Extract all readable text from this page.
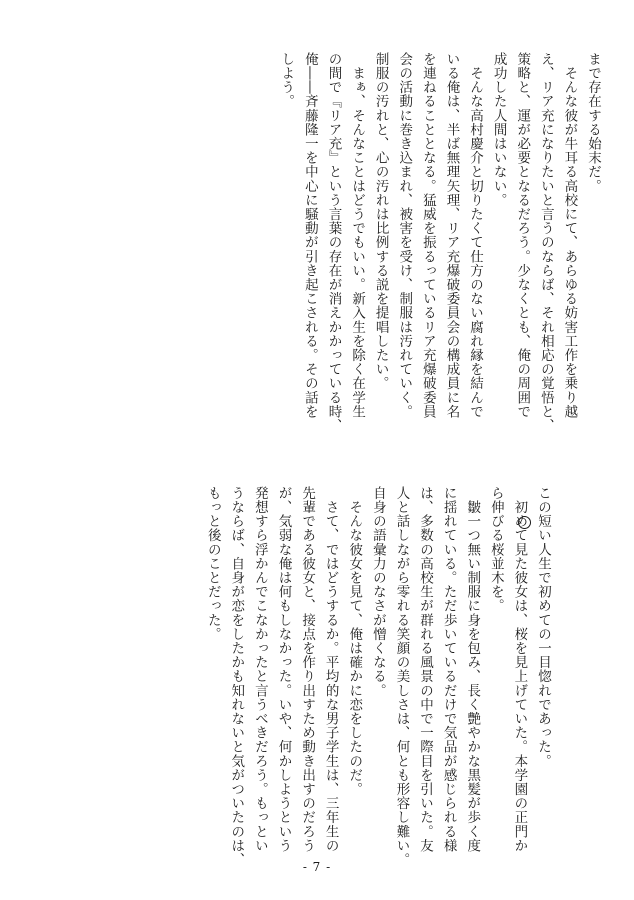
まで存在する始末だ。

　そんな彼が牛耳る高校にて、あらゆる妨害工作を乗り越

え、リア充になりたいと言うのならば、それ相応の覚悟と、

策略と、運が必要となるだろう。少なくとも、俺の周囲で

成功した人間はいない。

　そんな高村慶介と切りたくて仕方のない腐れ縁を結んで

いる俺は、半ば無理矢理、リア充爆破委員会の構成員に名

を連ねることとなる。猛威を振るっているリア充爆破委員

会の活動に巻き込まれ、被害を受け、制服は汚れていく。

制服の汚れと、心の汚れは比例する説を提唱したい。

　まぁ、そんなことはどうでもいい。新入生を除く在学生

の間で『リア充』という言葉の存在が消えかかっている時、

俺――斉藤隆一を中心に騒動が引き起こされる。その話を

しよう。

この短い人生で初めての一目惚れであった。

　初めて見た彼女は、桜を見上げていた。本学園の正門か

ら伸びる桜並木を。

　皺一つ無い制服に身を包み、長く艶やかな黒髪が歩く度

に揺れている。ただ歩いているだけで気品が感じられる様

は、多数の高校生が群れる風景の中で一際目を引いた。友

人と話しながら零れる笑顔の美しさは、何とも形容し難い。

自身の語彙力のなさが憎くなる。

　そんな彼女を見て、俺は確かに恋をしたのだ。

　さて、ではどうするか。平均的な男子学生は、三年生の

先輩である彼女と、接点を作り出すため動き出すのだろう

が、気弱な俺は何もしなかった。いや、何かしようという

発想すら浮かんでこなかったと言うべきだろう。もっとい

うならば、自身が恋をしたかも知れないと気がついたのは、

もっと後のことだった。

- 7 -
